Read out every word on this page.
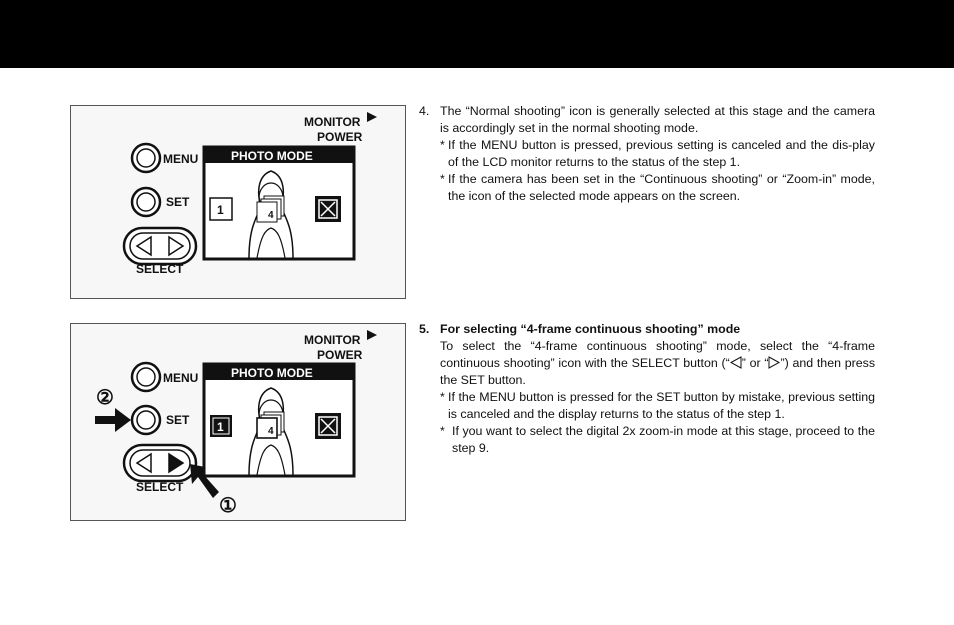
MONITOR
POWER
MENU
SET
SELECT
PHOTO MODE
1	4
MONITOR
POWER
MENU
②
SET
SELECT
①
PHOTO MODE
1	4
4. The “Normal shooting” icon is generally selected at this stage and the camera is accordingly set in the normal shooting mode.
* If the MENU button is pressed, previous setting is canceled and the dis-play of the LCD monitor returns to the status of the step 1.
* If the camera has been set in the “Continuous shooting” or “Zoom-in” mode, the icon of the selected mode appears on the screen.
5. For selecting “4-frame continuous shooting” mode
To select the “4-frame continuous shooting” mode, select the “4-frame continuous shooting” icon with the SELECT button (“ ” or “ ”) and then press the SET button.
* If the MENU button is pressed for the SET button by mistake, previous setting is canceled and the display returns to the status of the step 1.
* If you want to select the digital 2x zoom-in mode at this stage, proceed to the step 9.
